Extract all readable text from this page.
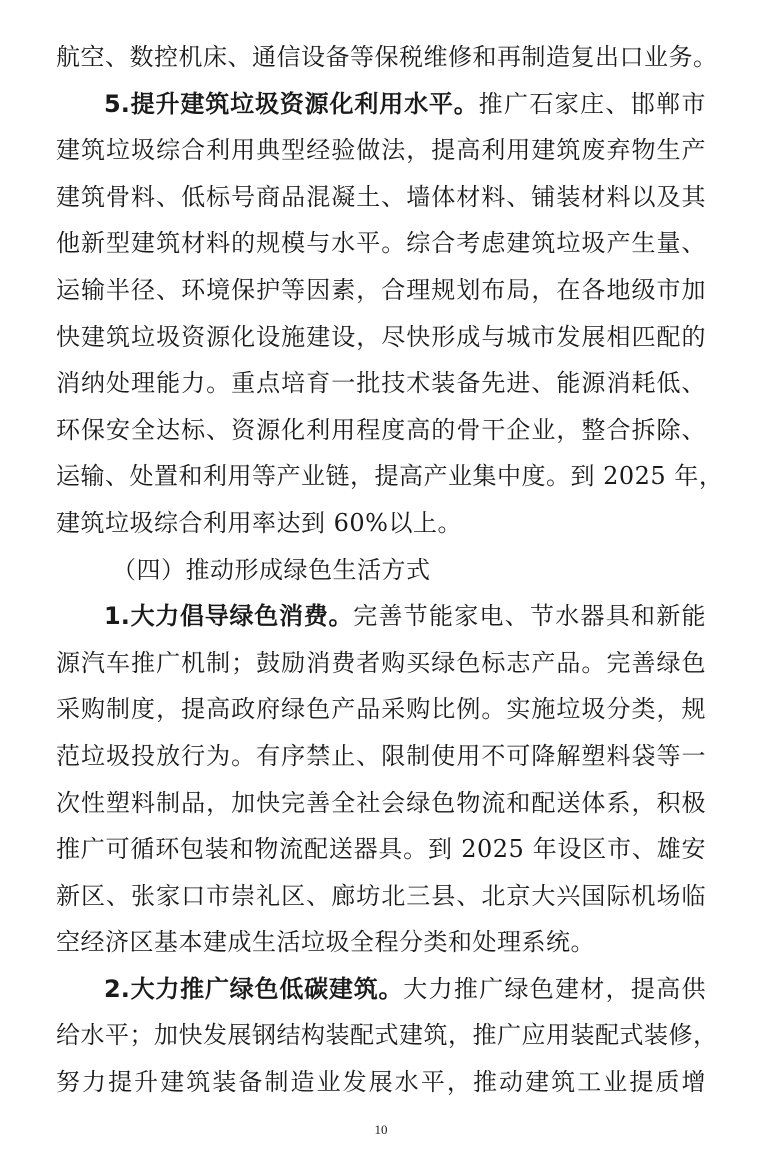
航空、数控机床、通信设备等保税维修和再制造复出口业务。
5.提升建筑垃圾资源化利用水平。推广石家庄、邯郸市
建筑垃圾综合利用典型经验做法，提高利用建筑废弃物生产
建筑骨料、低标号商品混凝土、墙体材料、铺装材料以及其
他新型建筑材料的规模与水平。综合考虑建筑垃圾产生量、
运输半径、环境保护等因素，合理规划布局，在各地级市加
快建筑垃圾资源化设施建设，尽快形成与城市发展相匹配的
消纳处理能力。重点培育一批技术装备先进、能源消耗低、
环保安全达标、资源化利用程度高的骨干企业，整合拆除、
运输、处置和利用等产业链，提高产业集中度。到 2025 年，
建筑垃圾综合利用率达到 60%以上。
（四）推动形成绿色生活方式
1.大力倡导绿色消费。完善节能家电、节水器具和新能
源汽车推广机制；鼓励消费者购买绿色标志产品。完善绿色
采购制度，提高政府绿色产品采购比例。实施垃圾分类，规
范垃圾投放行为。有序禁止、限制使用不可降解塑料袋等一
次性塑料制品，加快完善全社会绿色物流和配送体系，积极
推广可循环包装和物流配送器具。到 2025 年设区市、雄安
新区、张家口市崇礼区、廊坊北三县、北京大兴国际机场临
空经济区基本建成生活垃圾全程分类和处理系统。
2.大力推广绿色低碳建筑。大力推广绿色建材，提高供
给水平；加快发展钢结构装配式建筑，推广应用装配式装修，
努力提升建筑装备制造业发展水平，推动建筑工业提质增
10
